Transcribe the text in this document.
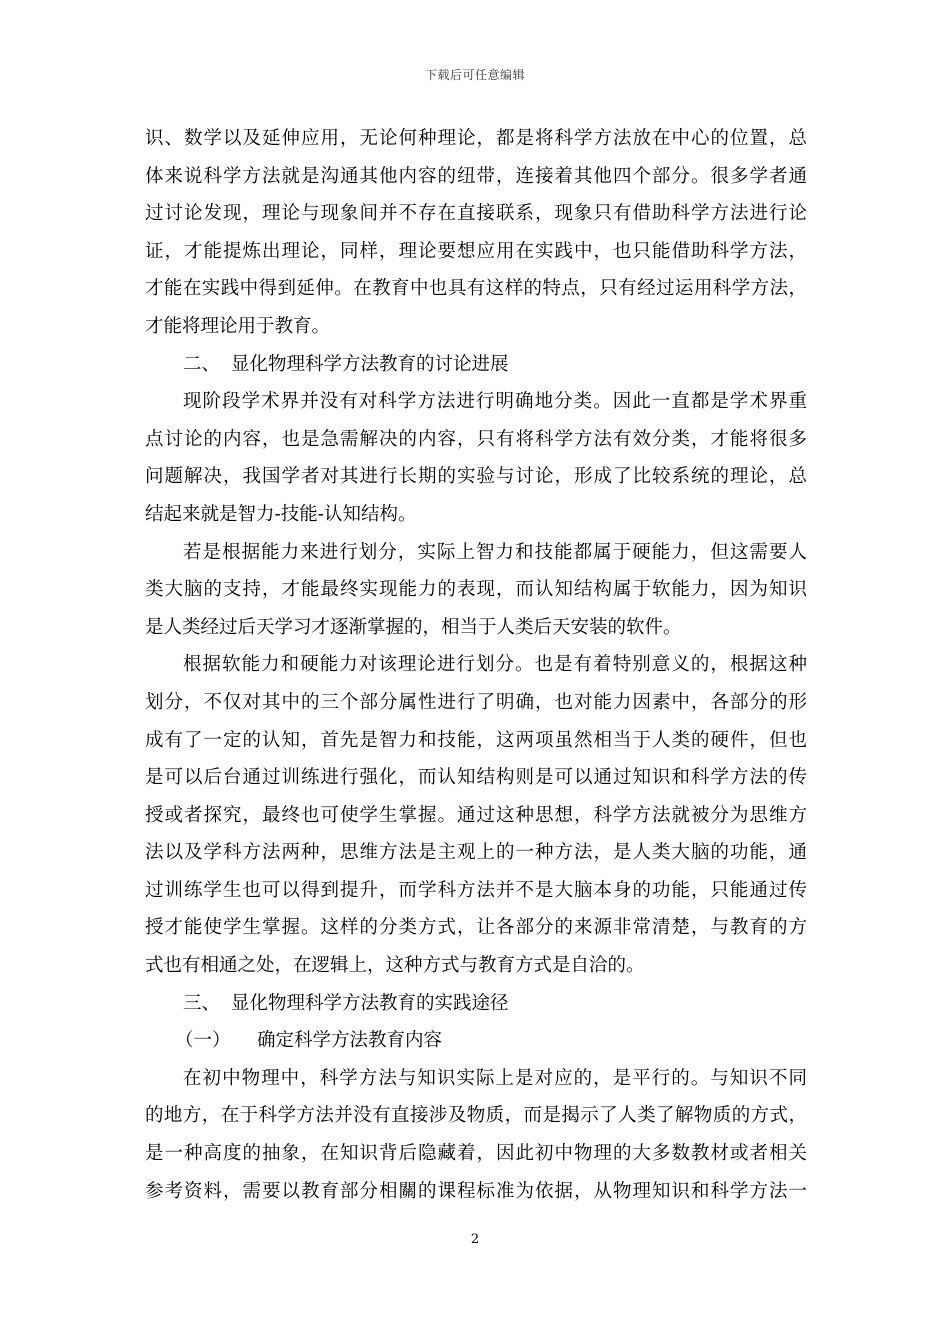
下载后可任意编辑
识、数学以及延伸应用，无论何种理论，都是将科学方法放在中心的位置，总
体来说科学方法就是沟通其他内容的纽带，连接着其他四个部分。很多学者通
过讨论发现，理论与现象间并不存在直接联系，现象只有借助科学方法进行论
证，才能提炼出理论，同样，理论要想应用在实践中，也只能借助科学方法，
才能在实践中得到延伸。在教育中也具有这样的特点，只有经过运用科学方法，
才能将理论用于教育。
二、 显化物理科学方法教育的讨论进展
现阶段学术界并没有对科学方法进行明确地分类。因此一直都是学术界重
点讨论的内容，也是急需解决的内容，只有将科学方法有效分类，才能将很多
问题解决，我国学者对其进行长期的实验与讨论，形成了比较系统的理论，总
结起来就是智力-技能-认知结构。
若是根据能力来进行划分，实际上智力和技能都属于硬能力，但这需要人
类大脑的支持，才能最终实现能力的表现，而认知结构属于软能力，因为知识
是人类经过后天学习才逐渐掌握的，相当于人类后天安装的软件。
根据软能力和硬能力对该理论进行划分。也是有着特别意义的，根据这种
划分，不仅对其中的三个部分属性进行了明确，也对能力因素中，各部分的形
成有了一定的认知，首先是智力和技能，这两项虽然相当于人类的硬件，但也
是可以后台通过训练进行强化，而认知结构则是可以通过知识和科学方法的传
授或者探究，最终也可使学生掌握。通过这种思想，科学方法就被分为思维方
法以及学科方法两种，思维方法是主观上的一种方法，是人类大脑的功能，通
过训练学生也可以得到提升，而学科方法并不是大脑本身的功能，只能通过传
授才能使学生掌握。这样的分类方式，让各部分的来源非常清楚，与教育的方
式也有相通之处，在逻辑上，这种方式与教育方式是自洽的。
三、 显化物理科学方法教育的实践途径
（一） 确定科学方法教育内容
在初中物理中，科学方法与知识实际上是对应的，是平行的。与知识不同
的地方，在于科学方法并没有直接涉及物质，而是揭示了人类了解物质的方式，
是一种高度的抽象，在知识背后隐藏着，因此初中物理的大多数教材或者相关
参考资料，需要以教育部分相關的课程标准为依据，从物理知识和科学方法一
2
